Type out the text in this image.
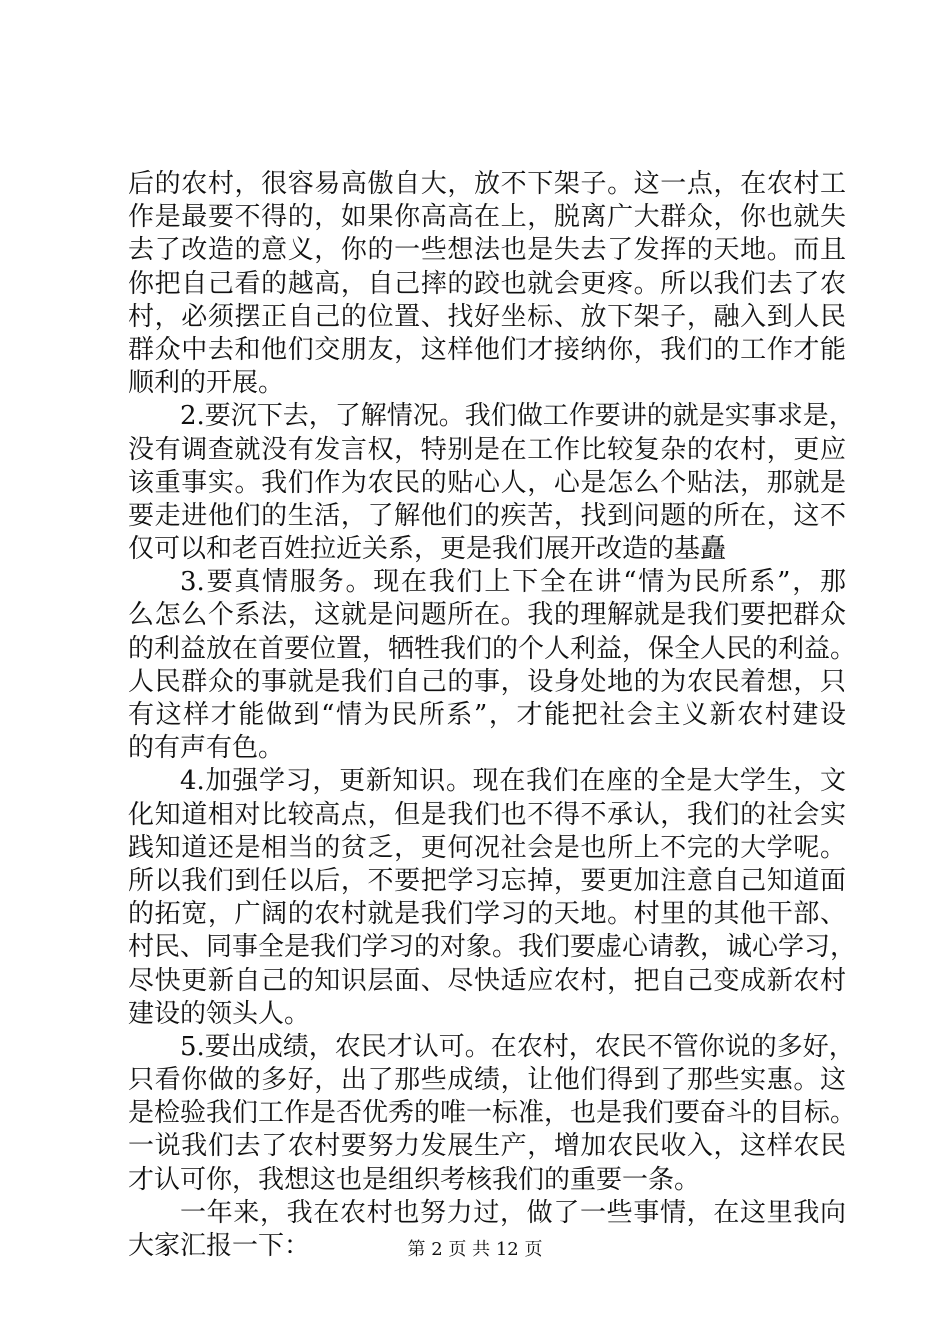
后的农村，很容易高傲自大，放不下架子。这一点，在农村工
作是最要不得的，如果你高高在上，脱离广大群众，你也就失
去了改造的意义，你的一些想法也是失去了发挥的天地。而且
你把自己看的越高，自己摔的跤也就会更疼。所以我们去了农
村，必须摆正自己的位置、找好坐标、放下架子，融入到人民
群众中去和他们交朋友，这样他们才接纳你，我们的工作才能
顺利的开展。
2.要沉下去，了解情况。我们做工作要讲的就是实事求是，
没有调查就没有发言权，特别是在工作比较复杂的农村，更应
该重事实。我们作为农民的贴心人，心是怎么个贴法，那就是
要走进他们的生活，了解他们的疾苦，找到问题的所在，这不
仅可以和老百姓拉近关系，更是我们展开改造的基矗
3.要真情服务。现在我们上下全在讲“情为民所系”，那
么怎么个系法，这就是问题所在。我的理解就是我们要把群众
的利益放在首要位置，牺牲我们的个人利益，保全人民的利益。
人民群众的事就是我们自己的事，设身处地的为农民着想，只
有这样才能做到“情为民所系”，才能把社会主义新农村建设
的有声有色。
4.加强学习，更新知识。现在我们在座的全是大学生，文
化知道相对比较高点，但是我们也不得不承认，我们的社会实
践知道还是相当的贫乏，更何况社会是也所上不完的大学呢。
所以我们到任以后，不要把学习忘掉，要更加注意自己知道面
的拓宽，广阔的农村就是我们学习的天地。村里的其他干部、
村民、同事全是我们学习的对象。我们要虚心请教，诚心学习，
尽快更新自己的知识层面、尽快适应农村，把自己变成新农村
建设的领头人。
5.要出成绩，农民才认可。在农村，农民不管你说的多好，
只看你做的多好，出了那些成绩，让他们得到了那些实惠。这
是检验我们工作是否优秀的唯一标准，也是我们要奋斗的目标。
一说我们去了农村要努力发展生产，增加农民收入，这样农民
才认可你，我想这也是组织考核我们的重要一条。
一年来，我在农村也努力过，做了一些事情，在这里我向
大家汇报一下：	第 2 页 共 12 页
